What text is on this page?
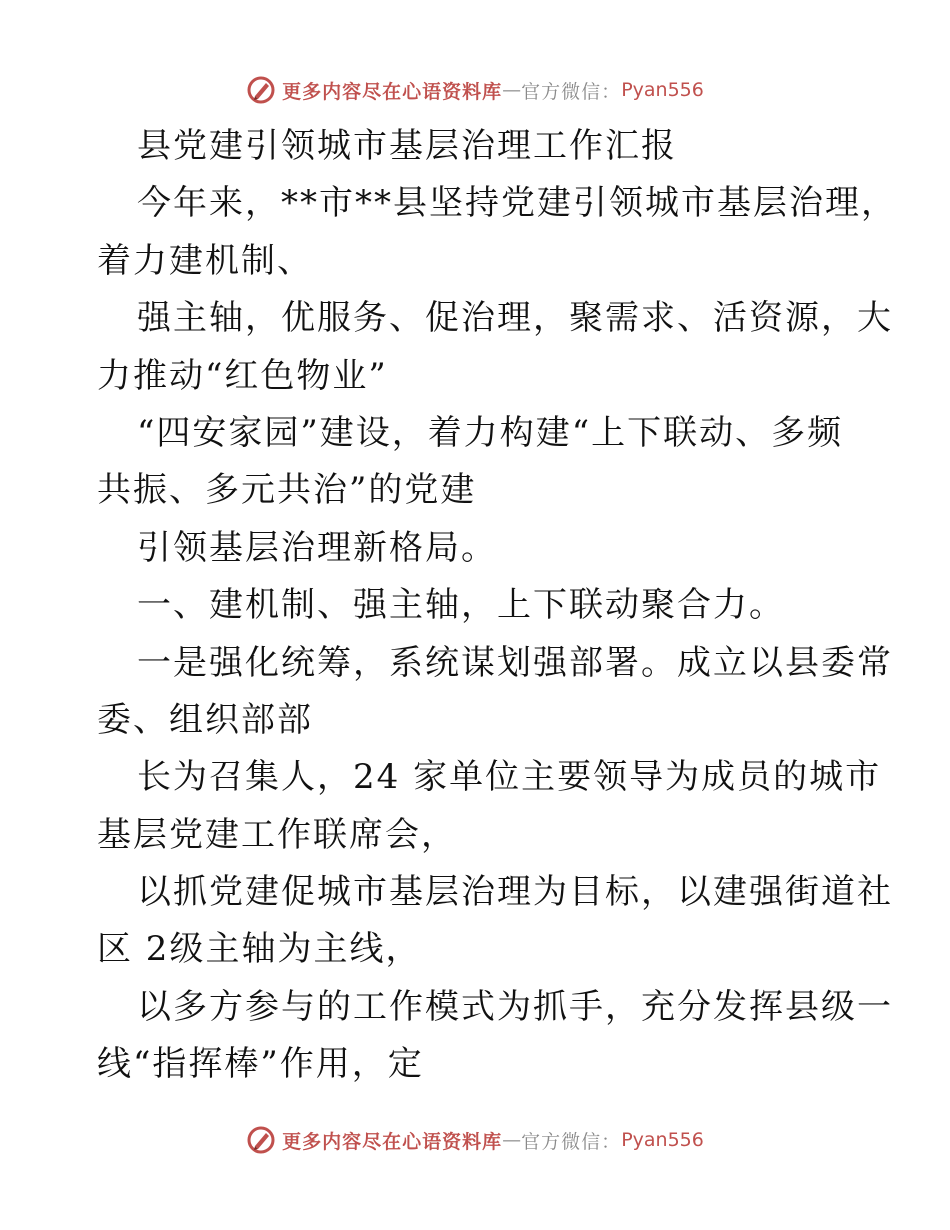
更多内容尽在心语资料库 — 官方微信： Pyan556
县党建引领城市基层治理工作汇报
今年来，**市**县坚持党建引领城市基层治理，
着力建机制、
强主轴，优服务、促治理，聚需求、活资源，大
力推动“红色物业”
“四安家园”建设，着力构建“上下联动、多频
共振、多元共治”的党建
引领基层治理新格局。
一、建机制、强主轴，上下联动聚合力。
一是强化统筹，系统谋划强部署。成立以县委常
委、组织部部
长为召集人，24 家单位主要领导为成员的城市
基层党建工作联席会，
以抓党建促城市基层治理为目标，以建强街道社
区 2级主轴为主线，
以多方参与的工作模式为抓手，充分发挥县级一
线“指挥棒”作用，定
更多内容尽在心语资料库 — 官方微信： Pyan556
